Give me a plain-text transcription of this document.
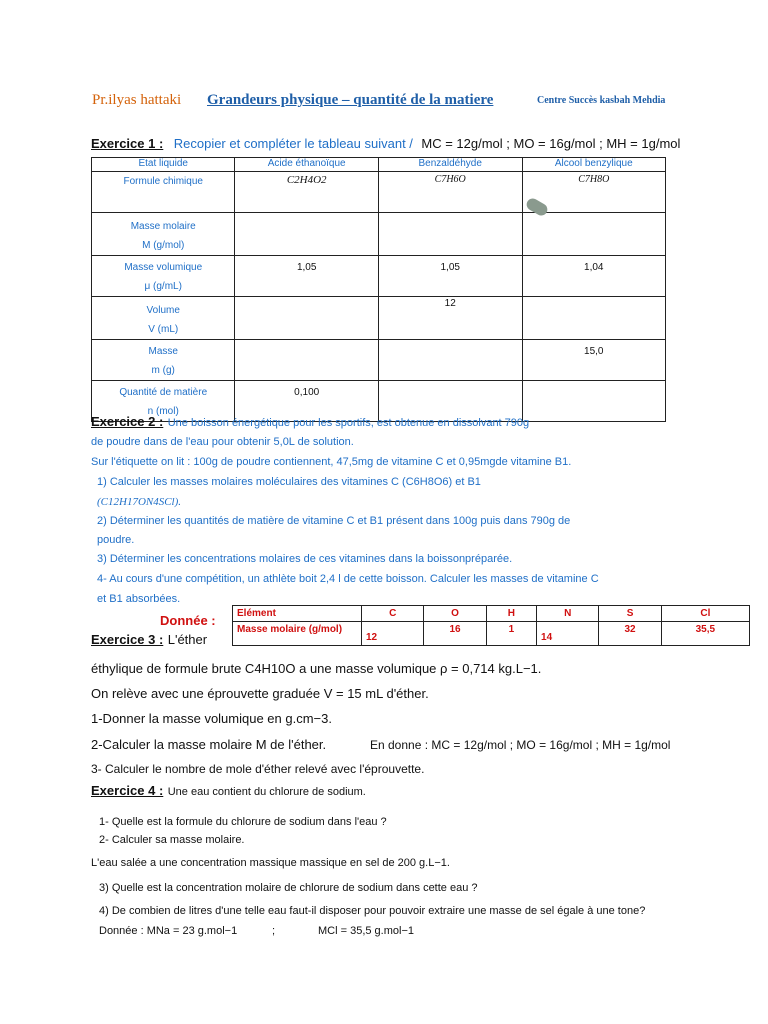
Pr.ilyas hattaki Grandeurs physique – quantité de la matiere	Centre Succès kasbah Mehdia
Exercice 1 : Recopier et compléter le tableau suivant / MC = 12g/mol ; MO = 16g/mol ; MH = 1g/mol
Etat liquide	Acide éthanoïque	Benzaldéhyde	Alcool benzylique

Formule chimique	C2H4O2	C7H6O	C7H8O

Masse molaire
M (g/mol)			

Masse volumique
μ (g/mL)	1,05	1,05	1,04

Volume
V (mL)		12	

Masse
m (g)			15,0

Quantité de matière
n (mol)	0,100		

Exercice 2 : Une boisson énergétique pour les sportifs, est obtenue en dissolvant 790g
de poudre dans de l'eau pour obtenir 5,0L de solution.
Sur l'étiquette on lit : 100g de poudre contiennent, 47,5mg de vitamine C et 0,95mgde vitamine B1.
1) Calculer les masses molaires moléculaires des vitamines C (C6H8O6) et B1
(C12H17ON4SCl).
2) Déterminer les quantités de matière de vitamine C et B1 présent dans 100g puis dans 790g de
poudre.
3) Déterminer les concentrations molaires de ces vitamines dans la boissonpréparée.
4- Au cours d'une compétition, un athlète boit 2,4 l de cette boisson. Calculer les masses de vitamine C
et B1 absorbées.
Donnée : Elément	C	O	H	N	S	Cl
Masse molaire (g/mol)	12	16	1	14	32	35,5
Exercice 3 : L'éther
éthylique de formule brute C4H10O a une masse volumique ρ = 0,714 kg.L−1.
On relève avec une éprouvette graduée V = 15 mL d'éther.
1-Donner la masse volumique en g.cm−3.
2-Calculer la masse molaire M de l'éther.	En donne : MC = 12g/mol ; MO = 16g/mol ; MH = 1g/mol
3- Calculer le nombre de mole d'éther relevé avec l'éprouvette.
Exercice 4 : Une eau contient du chlorure de sodium.
1- Quelle est la formule du chlorure de sodium dans l'eau ?
2- Calculer sa masse molaire.
L'eau salée a une concentration massique massique en sel de 200 g.L−1.
3) Quelle est la concentration molaire de chlorure de sodium dans cette eau ?
4) De combien de litres d'une telle eau faut-il disposer pour pouvoir extraire une masse de sel égale à une tone?
Donnée : MNa = 23 g.mol−1	;	MCl = 35,5 g.mol−1
